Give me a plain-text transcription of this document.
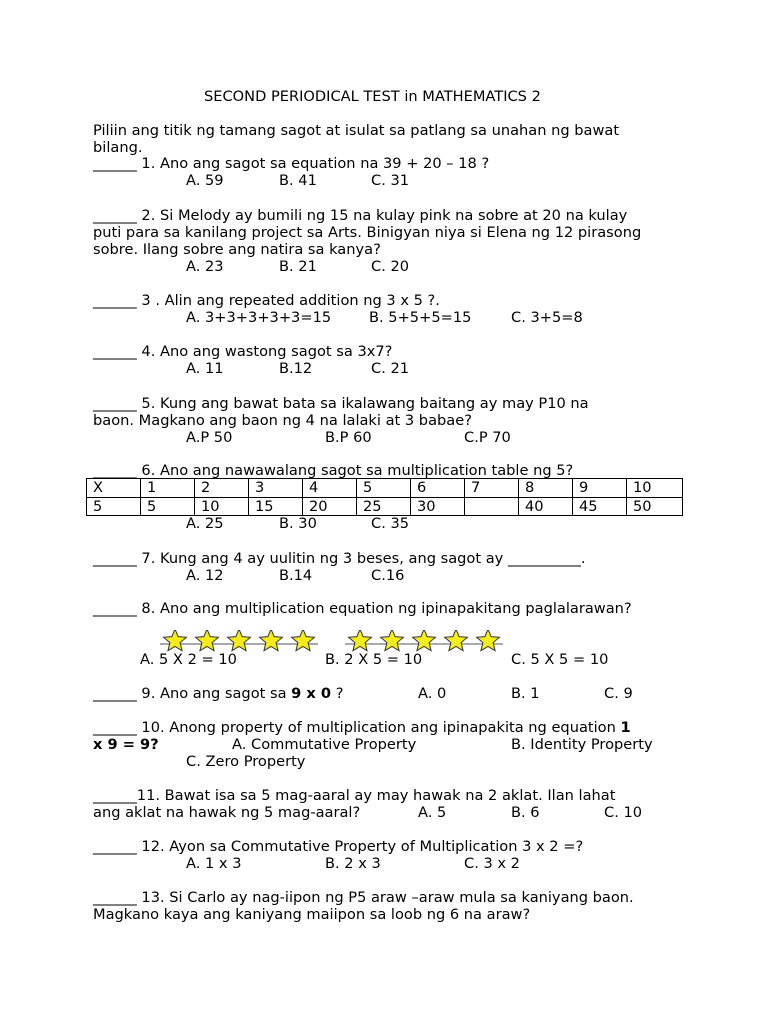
SECOND PERIODICAL TEST in MATHEMATICS 2
Piliin ang titik ng tamang sagot at isulat sa patlang sa unahan ng bawat
bilang.
______ 1. Ano ang sagot sa equation na 39 + 20 – 18 ?
A. 59	B. 41	C. 31
______ 2. Si Melody ay bumili ng 15 na kulay pink na sobre at 20 na kulay
puti para sa kanilang project sa Arts. Binigyan niya si Elena ng 12 pirasong
sobre. Ilang sobre ang natira sa kanya?
A. 23	B. 21	C. 20
______ 3 . Alin ang repeated addition ng 3 x 5 ?.
A. 3+3+3+3+3=15	B. 5+5+5=15	C. 3+5=8
______ 4. Ano ang wastong sagot sa 3x7?
A. 11	B.12	C. 21
______ 5. Kung ang bawat bata sa ikalawang baitang ay may P10 na
baon. Magkano ang baon ng 4 na lalaki at 3 babae?
A.P 50	B.P 60	C.P 70
______ 6. Ano ang nawawalang sagot sa multiplication table ng 5?
X	1	2	3	4	5	6	7	8	9	10
5	5	10	15	20	25	30		40	45	50
A. 25	B. 30	C. 35
______ 7. Kung ang 4 ay uulitin ng 3 beses, ang sagot ay __________.
A. 12	B.14	C.16
______ 8. Ano ang multiplication equation ng ipinapakitang paglalarawan?
A. 5 X 2 = 10	B. 2 X 5 = 10	C. 5 X 5 = 10
______ 9. Ano ang sagot sa 9 x 0 ?	A. 0	B. 1	C. 9
______ 10. Anong property of multiplication ang ipinapakita ng equation 1
x 9 = 9?	A. Commutative Property	B. Identity Property
C. Zero Property
______11. Bawat isa sa 5 mag-aaral ay may hawak na 2 aklat. Ilan lahat
ang aklat na hawak ng 5 mag-aaral?	A. 5	B. 6	C. 10
______ 12. Ayon sa Commutative Property of Multiplication 3 x 2 =?
A. 1 x 3	B. 2 x 3	C. 3 x 2
______ 13. Si Carlo ay nag-iipon ng P5 araw –araw mula sa kaniyang baon.
Magkano kaya ang kaniyang maiipon sa loob ng 6 na araw?
